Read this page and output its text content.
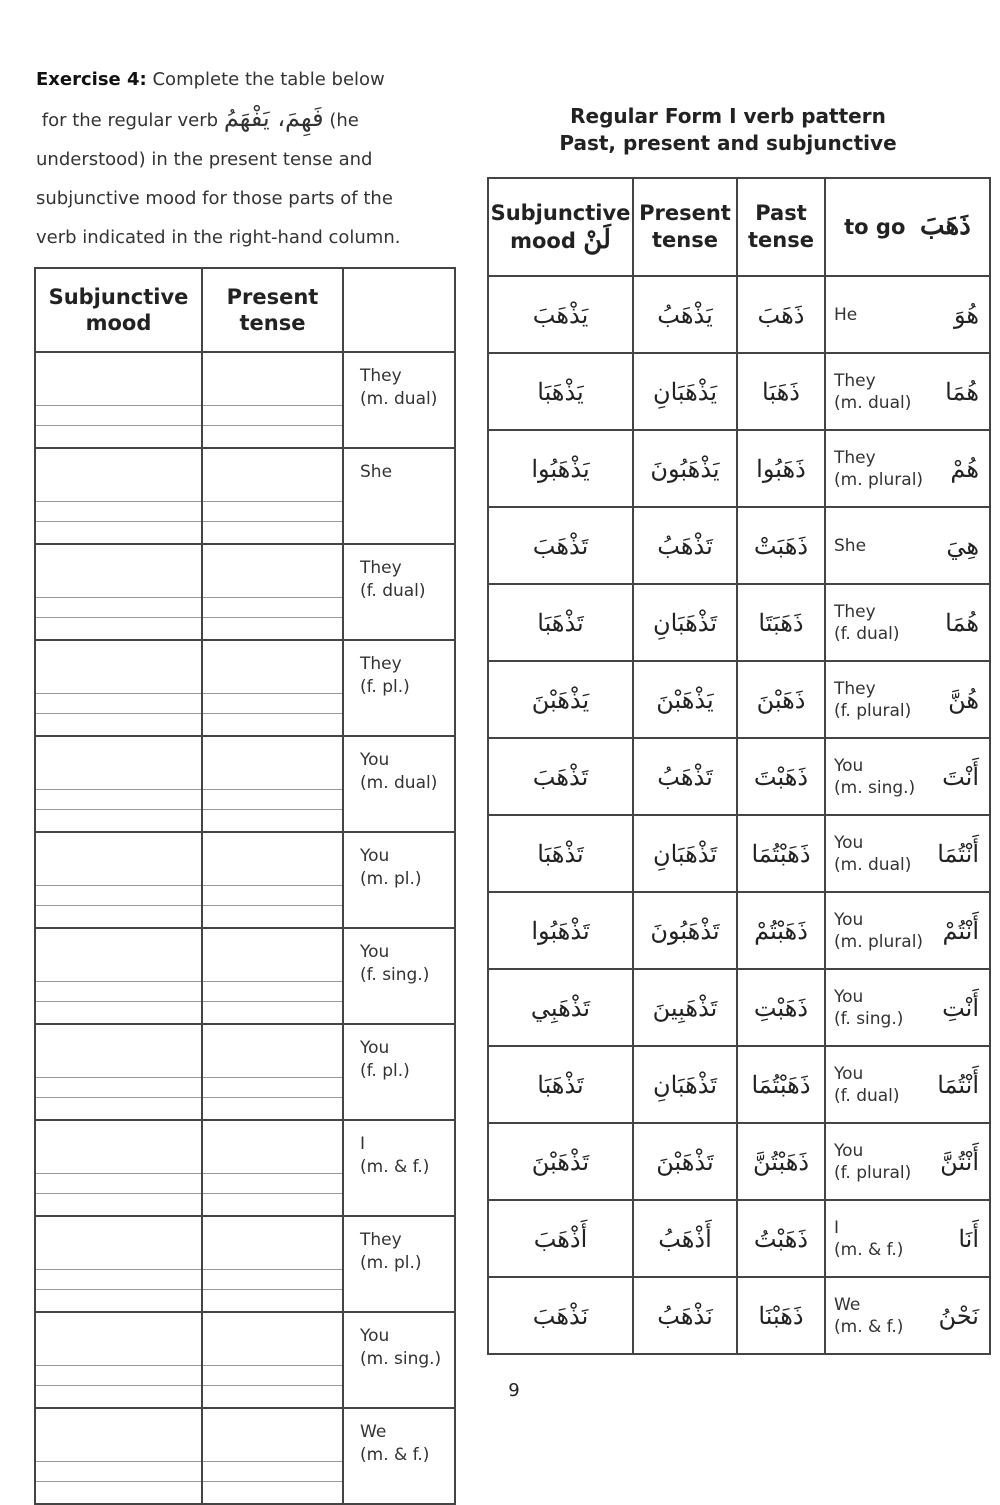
Exercise 4: Complete the table below
for the regular verb فَهِمَ، يَفْهَمُ (he
understood) in the present tense and
subjunctive mood for those parts of the
verb indicated in the right-hand column.
Subjunctive mood	Present tense	

		They
(m. dual)

		She

		They
(f. dual)

		They
(f. pl.)

		You
(m. dual)

		You
(m. pl.)

		You
(f. sing.)

		You
(f. pl.)

		I
(m. & f.)

		They
(m. pl.)

		You
(m. sing.)

		We
(m. & f.)
Regular Form I verb pattern
Past, present and subjunctive
Subjunctive
mood لَنْ	Present tense	Past tense	to go ذَهَبَ
يَذْهَبَ	يَذْهَبُ	ذَهَبَ	He هُوَ

يَذْهَبَا	يَذْهَبَانِ	ذَهَبَا	They
(m. dual) هُمَا

يَذْهَبُوا	يَذْهَبُونَ	ذَهَبُوا	They
(m. plural) هُمْ

تَذْهَبَ	تَذْهَبُ	ذَهَبَتْ	She هِيَ

تَذْهَبَا	تَذْهَبَانِ	ذَهَبَتَا	They
(f. dual) هُمَا

يَذْهَبْنَ	يَذْهَبْنَ	ذَهَبْنَ	They
(f. plural) هُنَّ

تَذْهَبَ	تَذْهَبُ	ذَهَبْتَ	You
(m. sing.) أَنْتَ

تَذْهَبَا	تَذْهَبَانِ	ذَهَبْتُمَا	You
(m. dual) أَنْتُمَا

تَذْهَبُوا	تَذْهَبُونَ	ذَهَبْتُمْ	You
(m. plural) أَنْتُمْ

تَذْهَبِي	تَذْهَبِينَ	ذَهَبْتِ	You
(f. sing.) أَنْتِ

تَذْهَبَا	تَذْهَبَانِ	ذَهَبْتُمَا	You
(f. dual) أَنْتُمَا

تَذْهَبْنَ	تَذْهَبْنَ	ذَهَبْتُنَّ	You
(f. plural) أَنْتُنَّ

أَذْهَبَ	أَذْهَبُ	ذَهَبْتُ	I
(m. & f.) أَنَا

نَذْهَبَ	نَذْهَبُ	ذَهَبْنَا	We
(m. & f.) نَحْنُ
9
